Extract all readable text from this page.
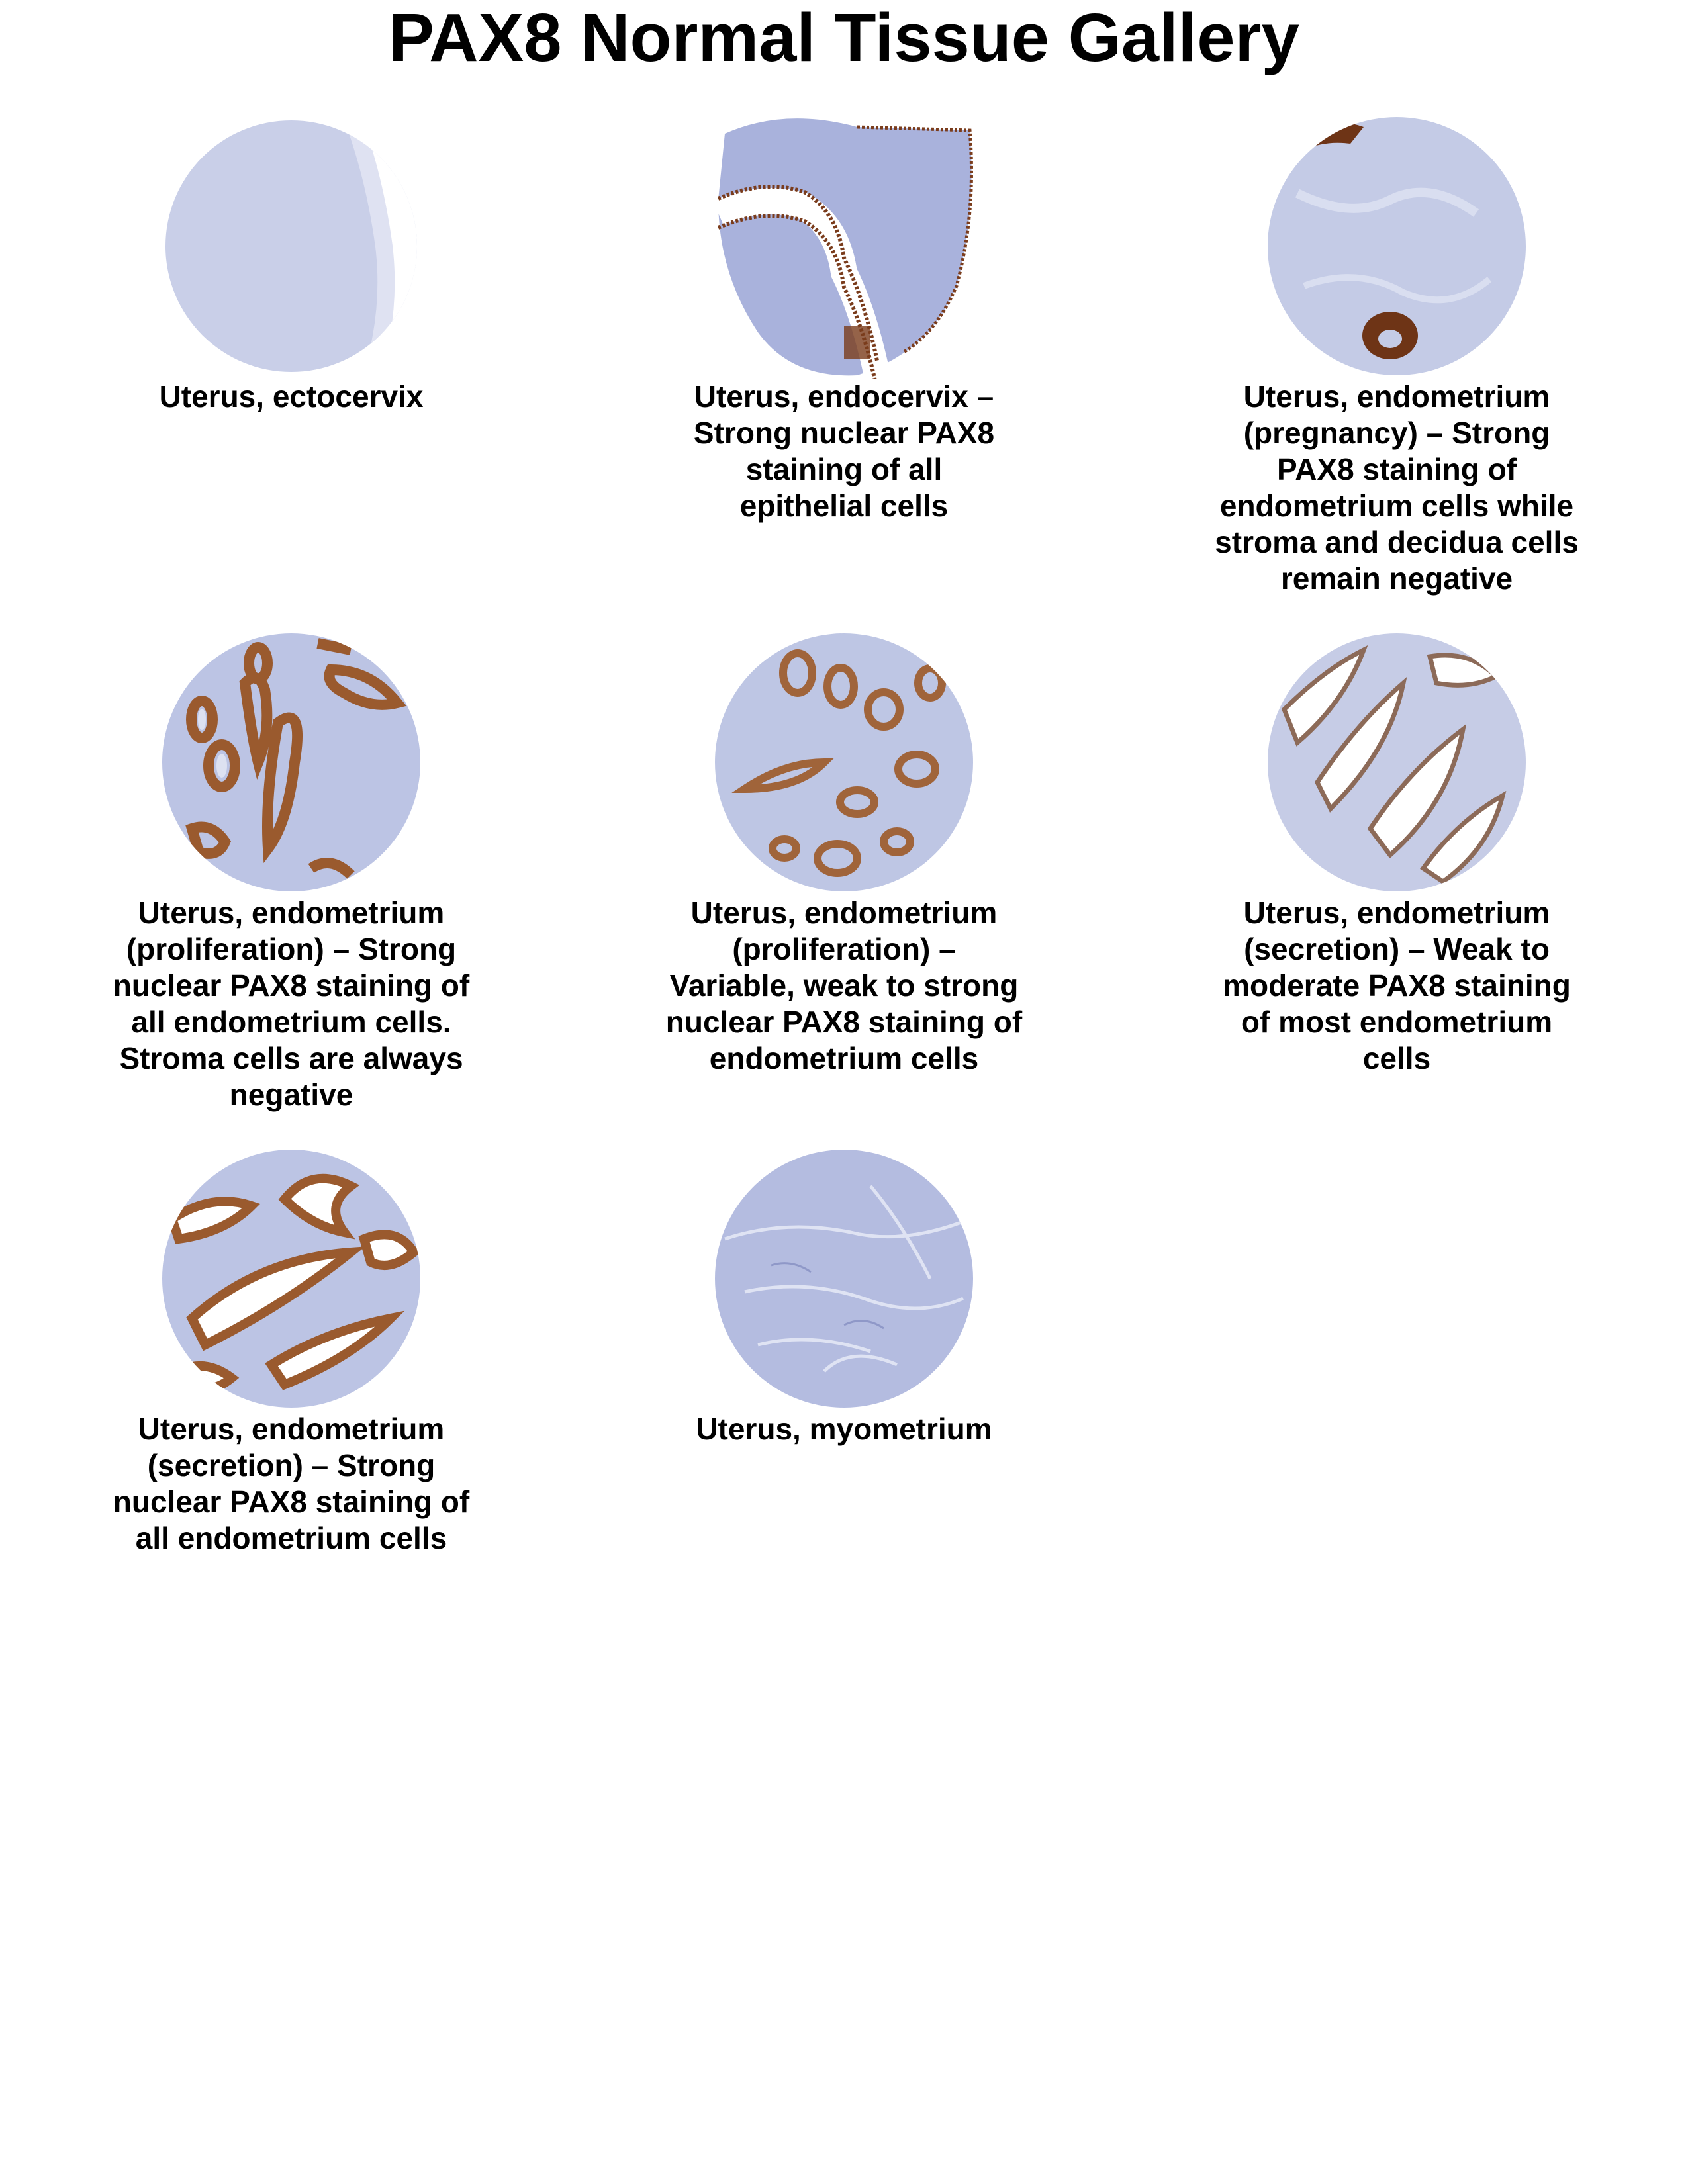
PAX8 Normal Tissue Gallery

Uterus, ectocervix	Uterus, endocervix –
Strong nuclear PAX8
staining of all
epithelial cells

Uterus, endometrium
(pregnancy) – Strong
PAX8 staining of
endometrium cells while
stroma and decidua cells
remain negative

Uterus, endometrium
(proliferation) – Strong
nuclear PAX8 staining of
all endometrium cells.
Stroma cells are always
negative

Uterus, endometrium
(proliferation) –
Variable, weak to strong
nuclear PAX8 staining of
endometrium cells

Uterus, endometrium
(secretion) – Weak to
moderate PAX8 staining
of most endometrium
cells

Uterus, endometrium
(secretion) – Strong
nuclear PAX8 staining of
all endometrium cells

Uterus, myometrium
